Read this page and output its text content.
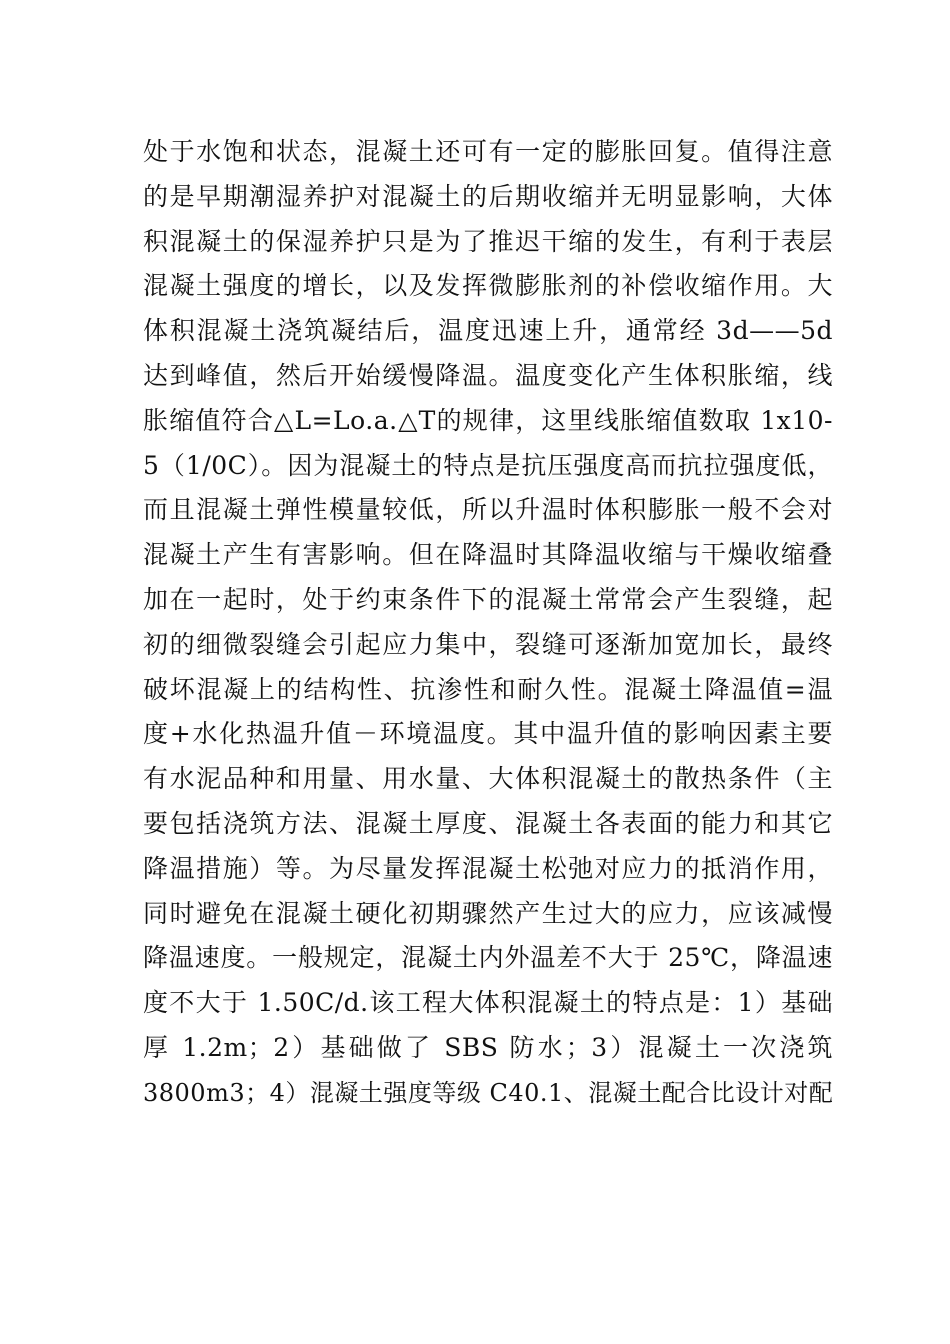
处于水饱和状态，混凝土还可有一定的膨胀回复。值得注意
的是早期潮湿养护对混凝土的后期收缩并无明显影响，大体
积混凝土的保湿养护只是为了推迟干缩的发生，有利于表层
混凝土强度的增长，以及发挥微膨胀剂的补偿收缩作用。大
体积混凝土浇筑凝结后，温度迅速上升，通常经 3d——5d
达到峰值，然后开始缓慢降温。温度变化产生体积胀缩，线
胀缩值符合△L=Lo.a.△T的规律，这里线胀缩值数取 1x10-
5（1/0C）。因为混凝土的特点是抗压强度高而抗拉强度低，
而且混凝土弹性模量较低，所以升温时体积膨胀一般不会对
混凝土产生有害影响。但在降温时其降温收缩与干燥收缩叠
加在一起时，处于约束条件下的混凝土常常会产生裂缝，起
初的细微裂缝会引起应力集中，裂缝可逐渐加宽加长，最终
破坏混凝上的结构性、抗渗性和耐久性。混凝土降温值=温
度+水化热温升值－环境温度。其中温升值的影响因素主要
有水泥品种和用量、用水量、大体积混凝土的散热条件（主
要包括浇筑方法、混凝土厚度、混凝土各表面的能力和其它
降温措施）等。为尽量发挥混凝土松弛对应力的抵消作用，
同时避免在混凝土硬化初期骤然产生过大的应力，应该减慢
降温速度。一般规定，混凝土内外温差不大于 25℃，降温速
度不大于 1.50C/d.该工程大体积混凝土的特点是：1）基础
厚 1.2m；2）基础做了 SBS 防水；3）混凝土一次浇筑
3800m3；4）混凝土强度等级 C40.1、混凝土配合比设计对配
